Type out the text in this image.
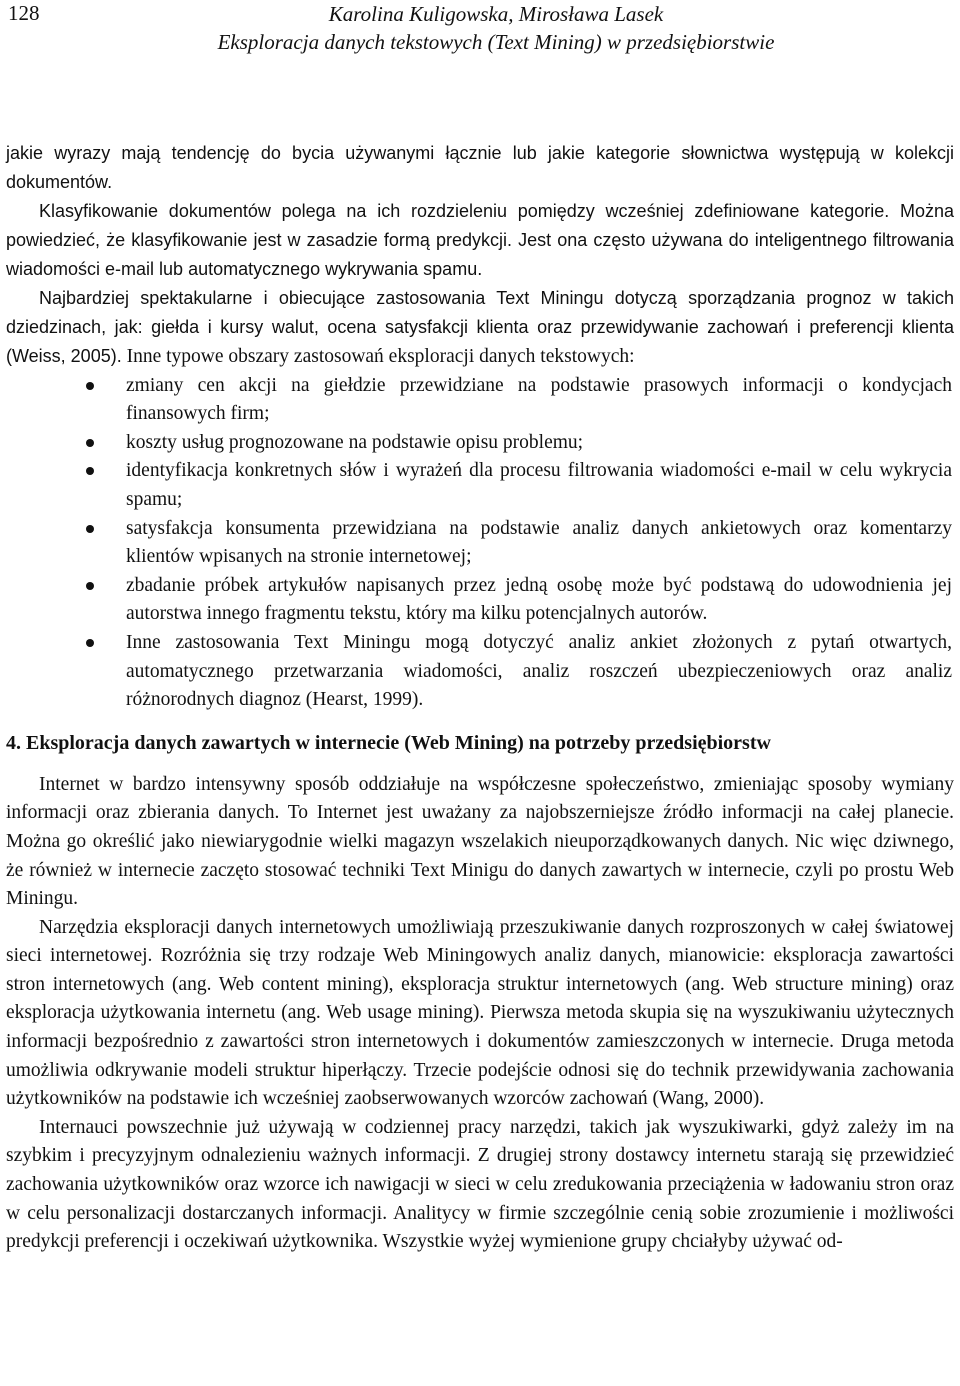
128	Karolina Kuligowska, Mirosława Lasek
Eksploracja danych tekstowych (Text Mining) w przedsiębiorstwie

jakie wyrazy mają tendencję do bycia używanymi łącznie lub jakie kategorie słownictwa występują w kolekcji dokumentów.

Klasyfikowanie dokumentów polega na ich rozdzieleniu pomiędzy wcześniej zdefiniowane kategorie. Można powiedzieć, że klasyfikowanie jest w zasadzie formą predykcji. Jest ona często używana do inteligentnego filtrowania wiadomości e-mail lub automatycznego wykrywania spamu.

Najbardziej spektakularne i obiecujące zastosowania Text Miningu dotyczą sporządzania prognoz w takich dziedzinach, jak: giełda i kursy walut, ocena satysfakcji klienta oraz przewidywanie zachowań i preferencji klienta (Weiss, 2005). Inne typowe obszary zastosowań eksploracji danych tekstowych:

zmiany cen akcji na giełdzie przewidziane na podstawie prasowych informacji o kondycjach finansowych firm;
koszty usług prognozowane na podstawie opisu problemu;
identyfikacja konkretnych słów i wyrażeń dla procesu filtrowania wiadomości e-mail w celu wykrycia spamu;
satysfakcja konsumenta przewidziana na podstawie analiz danych ankietowych oraz komentarzy klientów wpisanych na stronie internetowej;
zbadanie próbek artykułów napisanych przez jedną osobę może być podstawą do udowodnienia jej autorstwa innego fragmentu tekstu, który ma kilku potencjalnych autorów.
Inne zastosowania Text Miningu mogą dotyczyć analiz ankiet złożonych z pytań otwartych, automatycznego przetwarzania wiadomości, analiz roszczeń ubezpieczeniowych oraz analiz różnorodnych diagnoz (Hearst, 1999).
4. Eksploracja danych zawartych w internecie (Web Mining) na potrzeby przedsiębiorstw

Internet w bardzo intensywny sposób oddziałuje na współczesne społeczeństwo, zmieniając sposoby wymiany informacji oraz zbierania danych. To Internet jest uważany za najobszerniejsze źródło informacji na całej planecie. Można go określić jako niewiarygodnie wielki magazyn wszelakich nieuporządkowanych danych. Nic więc dziwnego, że również w internecie zaczęto stosować techniki Text Minigu do danych zawartych w internecie, czyli po prostu Web Miningu.

Narzędzia eksploracji danych internetowych umożliwiają przeszukiwanie danych rozproszonych w całej światowej sieci internetowej. Rozróżnia się trzy rodzaje Web Miningowych analiz danych, mianowicie: eksploracja zawartości stron internetowych (ang. Web content mining), eksploracja struktur internetowych (ang. Web structure mining) oraz eksploracja użytkowania internetu (ang. Web usage mining). Pierwsza metoda skupia się na wyszukiwaniu użytecznych informacji bezpośrednio z zawartości stron internetowych i dokumentów zamieszczonych w internecie. Druga metoda umożliwia odkrywanie modeli struktur hiperłączy. Trzecie podejście odnosi się do technik przewidywania zachowania użytkowników na podstawie ich wcześniej zaobserwowanych wzorców zachowań (Wang, 2000).

Internauci powszechnie już używają w codziennej pracy narzędzi, takich jak wyszukiwarki, gdyż zależy im na szybkim i precyzyjnym odnalezieniu ważnych informacji. Z drugiej strony dostawcy internetu starają się przewidzieć zachowania użytkowników oraz wzorce ich nawigacji w sieci w celu zredukowania przeciążenia w ładowaniu stron oraz w celu personalizacji dostarczanych informacji. Analitycy w firmie szczególnie cenią sobie zrozumienie i możliwości predykcji preferencji i oczekiwań użytkownika. Wszystkie wyżej wymienione grupy chciałyby używać od-
